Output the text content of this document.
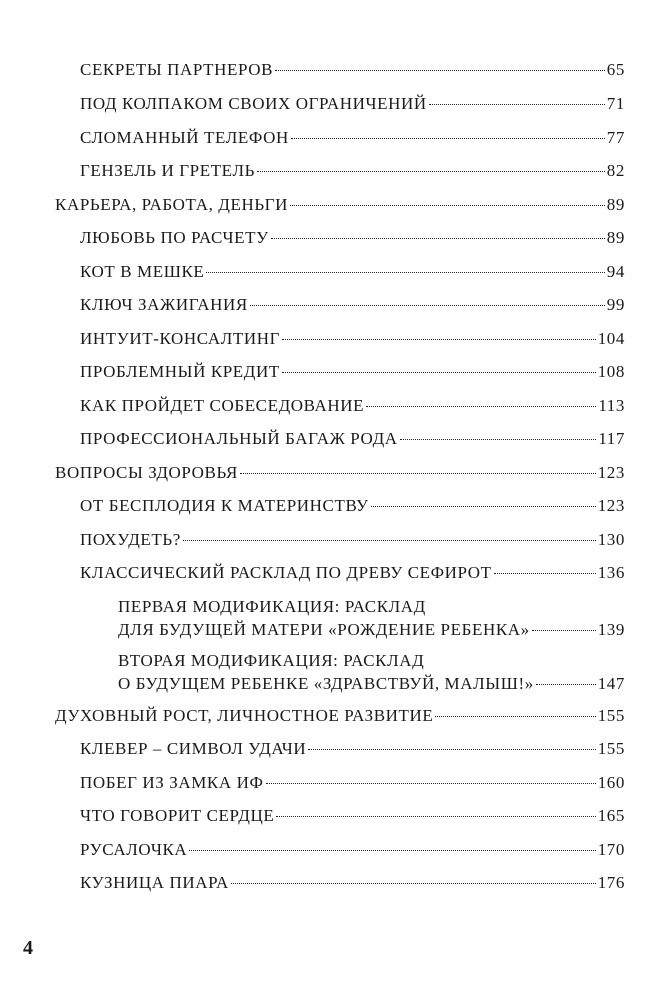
СЕКРЕТЫ ПАРТНЕРОВ	65
ПОД КОЛПАКОМ СВОИХ ОГРАНИЧЕНИЙ	71
СЛОМАННЫЙ ТЕЛЕФОН	77
ГЕНЗЕЛЬ И ГРЕТЕЛЬ	82
КАРЬЕРА, РАБОТА, ДЕНЬГИ	89
ЛЮБОВЬ ПО РАСЧЕТУ	89
КОТ В МЕШКЕ	94
КЛЮЧ ЗАЖИГАНИЯ	99
ИНТУИТ-КОНСАЛТИНГ	104
ПРОБЛЕМНЫЙ КРЕДИТ	108
КАК ПРОЙДЕТ СОБЕСЕДОВАНИЕ	113
ПРОФЕССИОНАЛЬНЫЙ БАГАЖ РОДА	117
ВОПРОСЫ ЗДОРОВЬЯ	123
ОТ БЕСПЛОДИЯ К МАТЕРИНСТВУ	123
ПОХУДЕТЬ?	130
КЛАССИЧЕСКИЙ РАСКЛАД ПО ДРЕВУ СЕФИРОТ	136
ПЕРВАЯ МОДИФИКАЦИЯ: РАСКЛАД
ДЛЯ БУДУЩЕЙ МАТЕРИ «РОЖДЕНИЕ РЕБЕНКА»	139
ВТОРАЯ МОДИФИКАЦИЯ: РАСКЛАД
О БУДУЩЕМ РЕБЕНКЕ «ЗДРАВСТВУЙ, МАЛЫШ!»	147
ДУХОВНЫЙ РОСТ, ЛИЧНОСТНОЕ РАЗВИТИЕ	155
КЛЕВЕР – СИМВОЛ УДАЧИ	155
ПОБЕГ ИЗ ЗАМКА ИФ	160
ЧТО ГОВОРИТ СЕРДЦЕ	165
РУСАЛОЧКА	170
КУЗНИЦА ПИАРА	176
4
